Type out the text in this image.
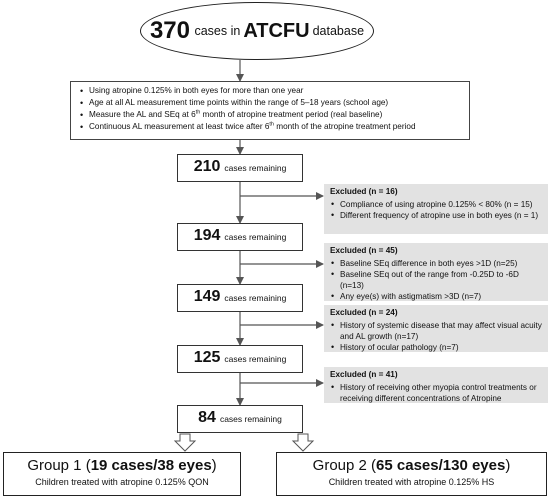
370
cases in ATCFU database
• Using atropine 0.125% in both eyes for more than one year
• Age at all AL measurement time points within the range of 5–18 years (school age)
• Measure the AL and SEq at 6th month of atropine treatment period (real baseline)
• Continuous AL measurement at least twice after 6th month of the atropine treatment period
210 cases remaining
194 cases remaining
149 cases remaining
125 cases remaining
84 cases remaining
Excluded (n = 16)
• Compliance of using atropine 0.125% < 80% (n = 15)
• Different frequency of atropine use in both eyes (n = 1)
Excluded (n = 45)
• Baseline SEq difference in both eyes >1D (n=25)
• Baseline SEq out of the range from -0.25D to -6D (n=13)
• Any eye(s) with astigmatism >3D (n=7)
Excluded (n = 24)
• History of systemic disease that may affect visual acuity and AL growth (n=17)
• History of ocular pathology (n=7)
Excluded (n = 41)
• History of receiving other myopia control treatments or receiving different concentrations of Atropine
Group 1 (19 cases/38 eyes)
Children treated with atropine 0.125% QON
Group 2 (65 cases/130 eyes)
Children treated with atropine 0.125% HS
